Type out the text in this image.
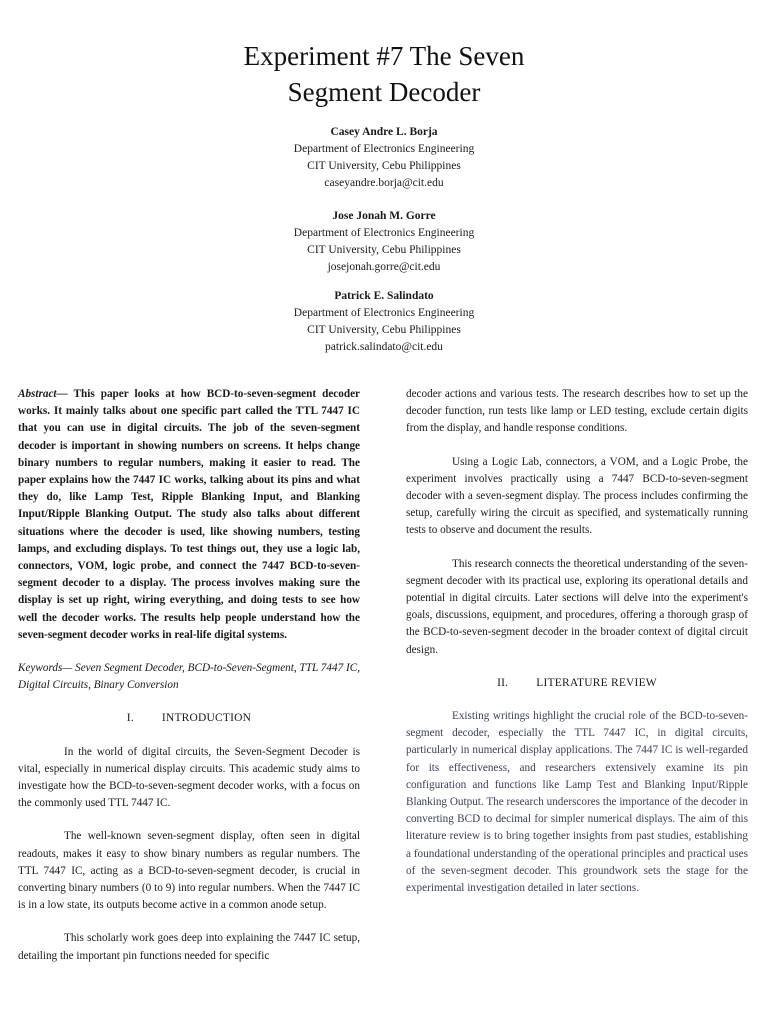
Experiment #7 The Seven
Segment Decoder
Casey Andre L. Borja
Department of Electronics Engineering
CIT University, Cebu Philippines
caseyandre.borja@cit.edu
Jose Jonah M. Gorre
Department of Electronics Engineering
CIT University, Cebu Philippines
josejonah.gorre@cit.edu
Patrick E. Salindato
Department of Electronics Engineering
CIT University, Cebu Philippines
patrick.salindato@cit.edu

Abstract— This paper looks at how BCD-to-seven-segment decoder works. It mainly talks about one specific part called the TTL 7447 IC that you can use in digital circuits. The job of the seven-segment decoder is important in showing numbers on screens. It helps change binary numbers to regular numbers, making it easier to read. The paper explains how the 7447 IC works, talking about its pins and what they do, like Lamp Test, Ripple Blanking Input, and Blanking Input/Ripple Blanking Output. The study also talks about different situations where the decoder is used, like showing numbers, testing lamps, and excluding displays. To test things out, they use a logic lab, connectors, VOM, logic probe, and connect the 7447 BCD-to-seven-segment decoder to a display. The process involves making sure the display is set up right, wiring everything, and doing tests to see how well the decoder works. The results help people understand how the seven-segment decoder works in real-life digital systems.

Keywords— Seven Segment Decoder, BCD-to-Seven-Segment, TTL 7447 IC, Digital Circuits, Binary Conversion

I. INTRODUCTION

In the world of digital circuits, the Seven-Segment Decoder is vital, especially in numerical display circuits. This academic study aims to investigate how the BCD-to-seven-segment decoder works, with a focus on the commonly used TTL 7447 IC.

The well-known seven-segment display, often seen in digital readouts, makes it easy to show binary numbers as regular numbers. The TTL 7447 IC, acting as a BCD-to-seven-segment decoder, is crucial in converting binary numbers (0 to 9) into regular numbers. When the 7447 IC is in a low state, its outputs become active in a common anode setup.

This scholarly work goes deep into explaining the 7447 IC setup, detailing the important pin functions needed for specific

decoder actions and various tests. The research describes how to set up the decoder function, run tests like lamp or LED testing, exclude certain digits from the display, and handle response conditions.

Using a Logic Lab, connectors, a VOM, and a Logic Probe, the experiment involves practically using a 7447 BCD-to-seven-segment decoder with a seven-segment display. The process includes confirming the setup, carefully wiring the circuit as specified, and systematically running tests to observe and document the results.

This research connects the theoretical understanding of the seven-segment decoder with its practical use, exploring its operational details and potential in digital circuits. Later sections will delve into the experiment's goals, discussions, equipment, and procedures, offering a thorough grasp of the BCD-to-seven-segment decoder in the broader context of digital circuit design.

II. LITERATURE REVIEW

Existing writings highlight the crucial role of the BCD-to-seven-segment decoder, especially the TTL 7447 IC, in digital circuits, particularly in numerical display applications. The 7447 IC is well-regarded for its effectiveness, and researchers extensively examine its pin configuration and functions like Lamp Test and Blanking Input/Ripple Blanking Output. The research underscores the importance of the decoder in converting BCD to decimal for simpler numerical displays. The aim of this literature review is to bring together insights from past studies, establishing a foundational understanding of the operational principles and practical uses of the seven-segment decoder. This groundwork sets the stage for the experimental investigation detailed in later sections.
